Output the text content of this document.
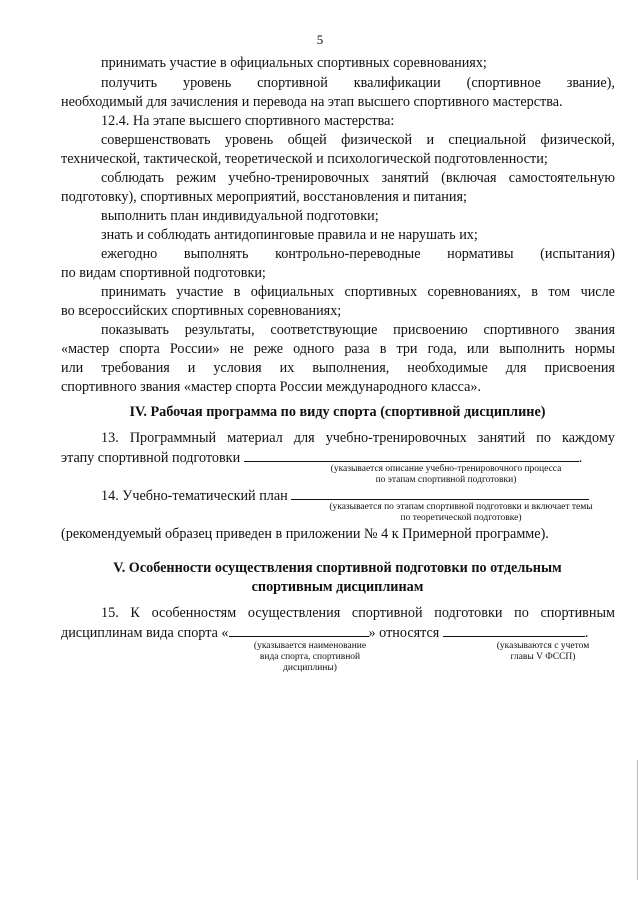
5
принимать участие в официальных спортивных соревнованиях;
получить уровень спортивной квалификации (спортивное звание),
необходимый для зачисления и перевода на этап высшего спортивного мастерства.
12.4. На этапе высшего спортивного мастерства:
совершенствовать уровень общей физической и специальной физической,
технической, тактической, теоретической и психологической подготовленности;
соблюдать режим учебно-тренировочных занятий (включая самостоятельную
подготовку), спортивных мероприятий, восстановления и питания;
выполнить план индивидуальной подготовки;
знать и соблюдать антидопинговые правила и не нарушать их;
ежегодно выполнять контрольно-переводные нормативы (испытания)
по видам спортивной подготовки;
принимать участие в официальных спортивных соревнованиях, в том числе
во всероссийских спортивных соревнованиях;
показывать результаты, соответствующие присвоению спортивного звания
«мастер спорта России» не реже одного раза в три года, или выполнить нормы
или требования и условия их выполнения, необходимые для присвоения
спортивного звания «мастер спорта России международного класса».
IV. Рабочая программа по виду спорта (спортивной дисциплине)
13. Программный материал для учебно-тренировочных занятий по каждому
этапу спортивной подготовки	.
(указывается описание учебно-тренировочного процесса
по этапам спортивной подготовки)
14. Учебно-тематический план
(указывается по этапам спортивной подготовки и включает темы
по теоретической подготовке)
(рекомендуемый образец приведен в приложении № 4 к Примерной программе).
V. Особенности осуществления спортивной подготовки по отдельным
спортивным дисциплинам
15. К особенностям осуществления спортивной подготовки по спортивным
дисциплинам вида спорта «	» относятся	.
(указывается наименование
вида спорта, спортивной
дисциплины)
(указываются с учетом
главы V ФССП)
